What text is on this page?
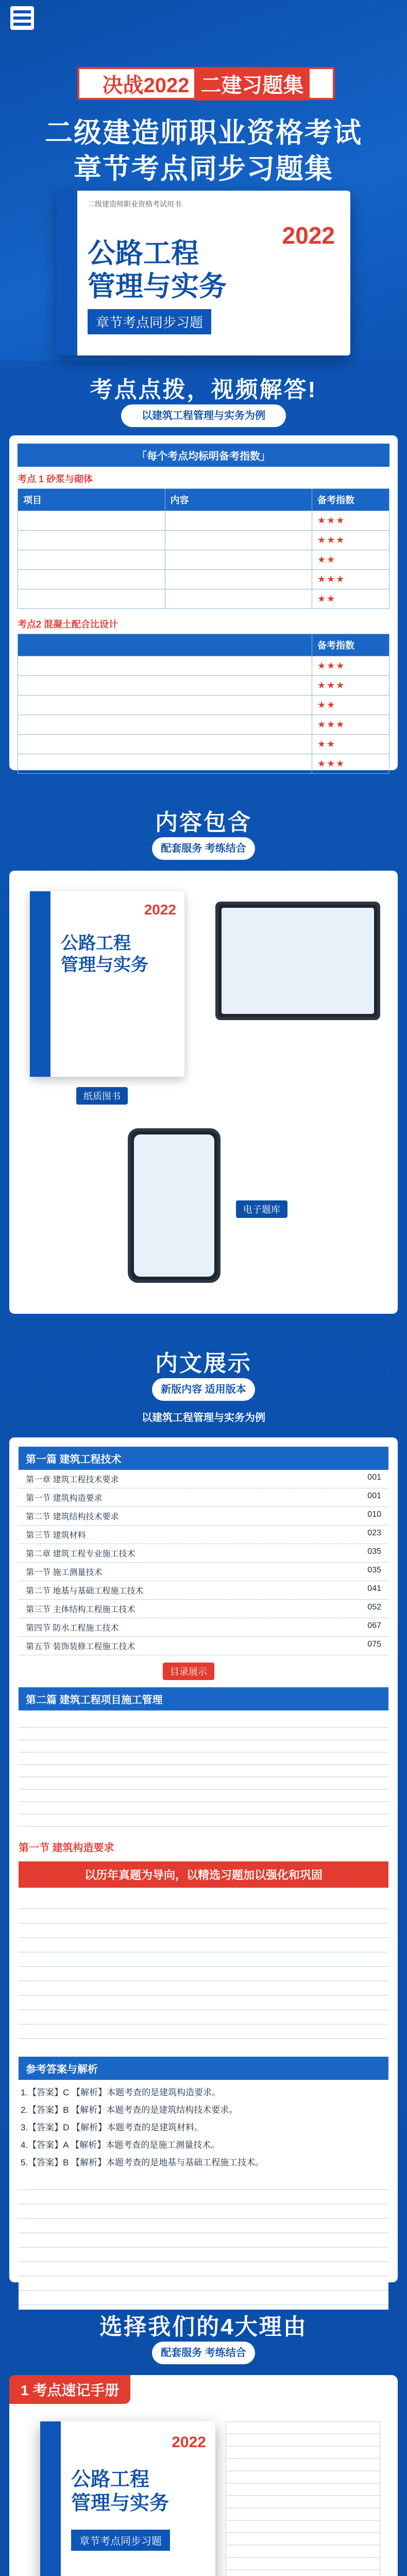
决战2022 二建习题集
二级建造师职业资格考试
章节考点同步习题集
二级建造师职业资格考试用书
2022
公路工程
管理与实务
章节考点同步习题
考点点拨，视频解答!
以建筑工程管理与实务为例
「每个考点均标明备考指数」
考点 1 砂浆与砌体
项目	内容	备考指数
		★★★
		★★★
		★★
		★★★
		★★
考点2 混凝土配合比设计
	备考指数
	★★★
	★★★
	★★
	★★★
	★★
	★★★
内容包含
配套服务 考练结合
2022
公路工程
管理与实务
纸质图书
电子题库
内文展示
新版内容 适用版本
以建筑工程管理与实务为例
第一篇 建筑工程技术
第一章 建筑工程技术要求	001
第一节 建筑构造要求	001
第二节 建筑结构技术要求	010
第三节 建筑材料	023
第二章 建筑工程专业施工技术	035
第一节 施工测量技术	035
第二节 地基与基础工程施工技术	041
第三节 主体结构工程施工技术	052
第四节 防水工程施工技术	067
第五节 装饰装修工程施工技术	075
目录展示
第二篇 建筑工程项目施工管理
第一节 建筑构造要求
以历年真题为导向，以精选习题加以强化和巩固
参考答案与解析
1.【答案】C 【解析】本题考查的是建筑构造要求。
2.【答案】B 【解析】本题考查的是建筑结构技术要求。
3.【答案】D 【解析】本题考查的是建筑材料。
4.【答案】A 【解析】本题考查的是施工测量技术。
5.【答案】B 【解析】本题考查的是地基与基础工程施工技术。
选择我们的4大理由
配套服务 考练结合
1 考点速记手册
2022
公路工程
管理与实务
章节考点同步习题
